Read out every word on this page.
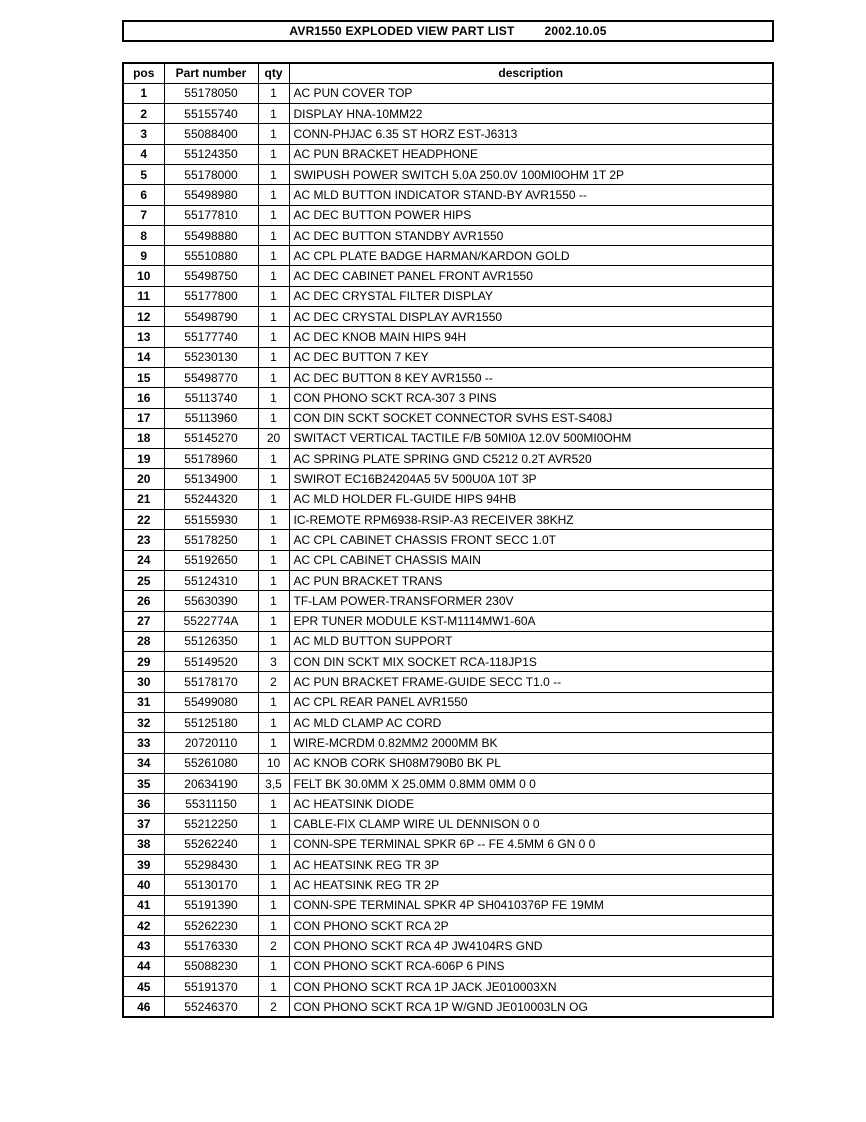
AVR1550 EXPLODED VIEW PART LIST	2002.10.05
pos	Part number	qty	description
1	55178050	1	AC PUN COVER TOP
2	55155740	1	DISPLAY HNA-10MM22
3	55088400	1	CONN-PHJAC 6.35 ST HORZ EST-J6313
4	55124350	1	AC PUN BRACKET HEADPHONE
5	55178000	1	SWIPUSH POWER SWITCH 5.0A 250.0V 100MI0OHM 1T 2P
6	55498980	1	AC MLD BUTTON INDICATOR STAND-BY AVR1550 --
7	55177810	1	AC DEC BUTTON POWER HIPS
8	55498880	1	AC DEC BUTTON STANDBY AVR1550
9	55510880	1	AC CPL PLATE BADGE HARMAN/KARDON GOLD
10	55498750	1	AC DEC CABINET PANEL FRONT AVR1550
11	55177800	1	AC DEC CRYSTAL FILTER DISPLAY
12	55498790	1	AC DEC CRYSTAL DISPLAY AVR1550
13	55177740	1	AC DEC KNOB MAIN HIPS 94H
14	55230130	1	AC DEC BUTTON 7 KEY
15	55498770	1	AC DEC BUTTON 8 KEY AVR1550 --
16	55113740	1	CON PHONO SCKT RCA-307 3 PINS
17	55113960	1	CON DIN SCKT SOCKET CONNECTOR SVHS EST-S408J
18	55145270	20	SWITACT VERTICAL TACTILE F/B 50MI0A 12.0V 500MI0OHM
19	55178960	1	AC SPRING PLATE SPRING GND C5212 0.2T AVR520
20	55134900	1	SWIROT EC16B24204A5 5V 500U0A 10T 3P
21	55244320	1	AC MLD HOLDER FL-GUIDE HIPS 94HB
22	55155930	1	IC-REMOTE RPM6938-RSIP-A3 RECEIVER 38KHZ
23	55178250	1	AC CPL CABINET CHASSIS FRONT SECC 1.0T
24	55192650	1	AC CPL CABINET CHASSIS MAIN
25	55124310	1	AC PUN BRACKET TRANS
26	55630390	1	TF-LAM POWER-TRANSFORMER 230V
27	5522774A	1	EPR TUNER MODULE KST-M1114MW1-60A
28	55126350	1	AC MLD BUTTON SUPPORT
29	55149520	3	CON DIN SCKT MIX SOCKET RCA-118JP1S
30	55178170	2	AC PUN BRACKET FRAME-GUIDE SECC T1.0 --
31	55499080	1	AC CPL REAR PANEL AVR1550
32	55125180	1	AC MLD CLAMP AC CORD
33	20720110	1	WIRE-MCRDM 0.82MM2 2000MM BK
34	55261080	10	AC KNOB CORK SH08M790B0 BK PL
35	20634190	3,5	FELT BK 30.0MM X 25.0MM 0.8MM 0MM 0 0
36	55311150	1	AC HEATSINK DIODE
37	55212250	1	CABLE-FIX CLAMP WIRE UL DENNISON 0 0
38	55262240	1	CONN-SPE TERMINAL SPKR 6P -- FE 4.5MM 6 GN 0 0
39	55298430	1	AC HEATSINK REG TR 3P
40	55130170	1	AC HEATSINK REG TR 2P
41	55191390	1	CONN-SPE TERMINAL SPKR 4P SH0410376P FE 19MM
42	55262230	1	CON PHONO SCKT RCA 2P
43	55176330	2	CON PHONO SCKT RCA 4P JW4104RS GND
44	55088230	1	CON PHONO SCKT RCA-606P 6 PINS
45	55191370	1	CON PHONO SCKT RCA 1P JACK JE010003XN
46	55246370	2	CON PHONO SCKT RCA 1P W/GND JE010003LN OG
